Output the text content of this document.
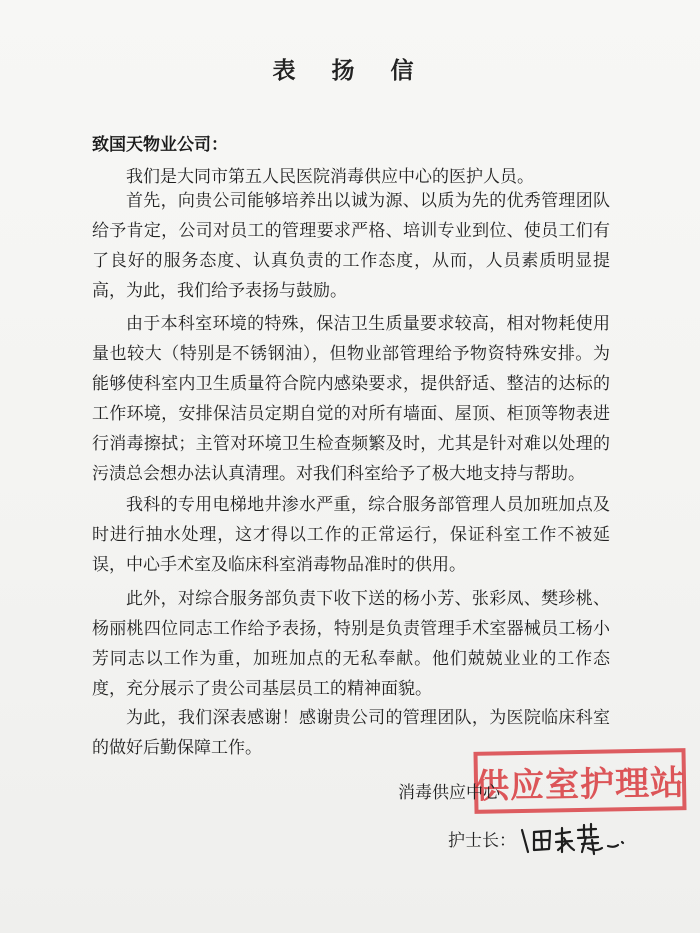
表 扬 信
致国天物业公司：

我们是大同市第五人民医院消毒供应中心的医护人员。

首先，向贵公司能够培养出以诚为源、以质为先的优秀管理团队给予肯定，公司对员工的管理要求严格、培训专业到位、使员工们有了良好的服务态度、认真负责的工作态度，从而，人员素质明显提高，为此，我们给予表扬与鼓励。

由于本科室环境的特殊，保洁卫生质量要求较高，相对物耗使用量也较大（特别是不锈钢油），但物业部管理给予物资特殊安排。为能够使科室内卫生质量符合院内感染要求，提供舒适、整洁的达标的工作环境，安排保洁员定期自觉的对所有墙面、屋顶、柜顶等物表进行消毒擦拭；主管对环境卫生检查频繁及时，尤其是针对难以处理的污渍总会想办法认真清理。对我们科室给予了极大地支持与帮助。

我科的专用电梯地井渗水严重，综合服务部管理人员加班加点及时进行抽水处理，这才得以工作的正常运行，保证科室工作不被延误，中心手术室及临床科室消毒物品准时的供用。

此外，对综合服务部负责下收下送的杨小芳、张彩凤、樊珍桃、杨丽桃四位同志工作给予表扬，特别是负责管理手术室器械员工杨小芳同志以工作为重，加班加点的无私奉献。他们兢兢业业的工作态度，充分展示了贵公司基层员工的精神面貌。

为此，我们深表感谢！感谢贵公司的管理团队，为医院临床科室的做好后勤保障工作。

供应室护理站
消毒供应中心
护士长：
